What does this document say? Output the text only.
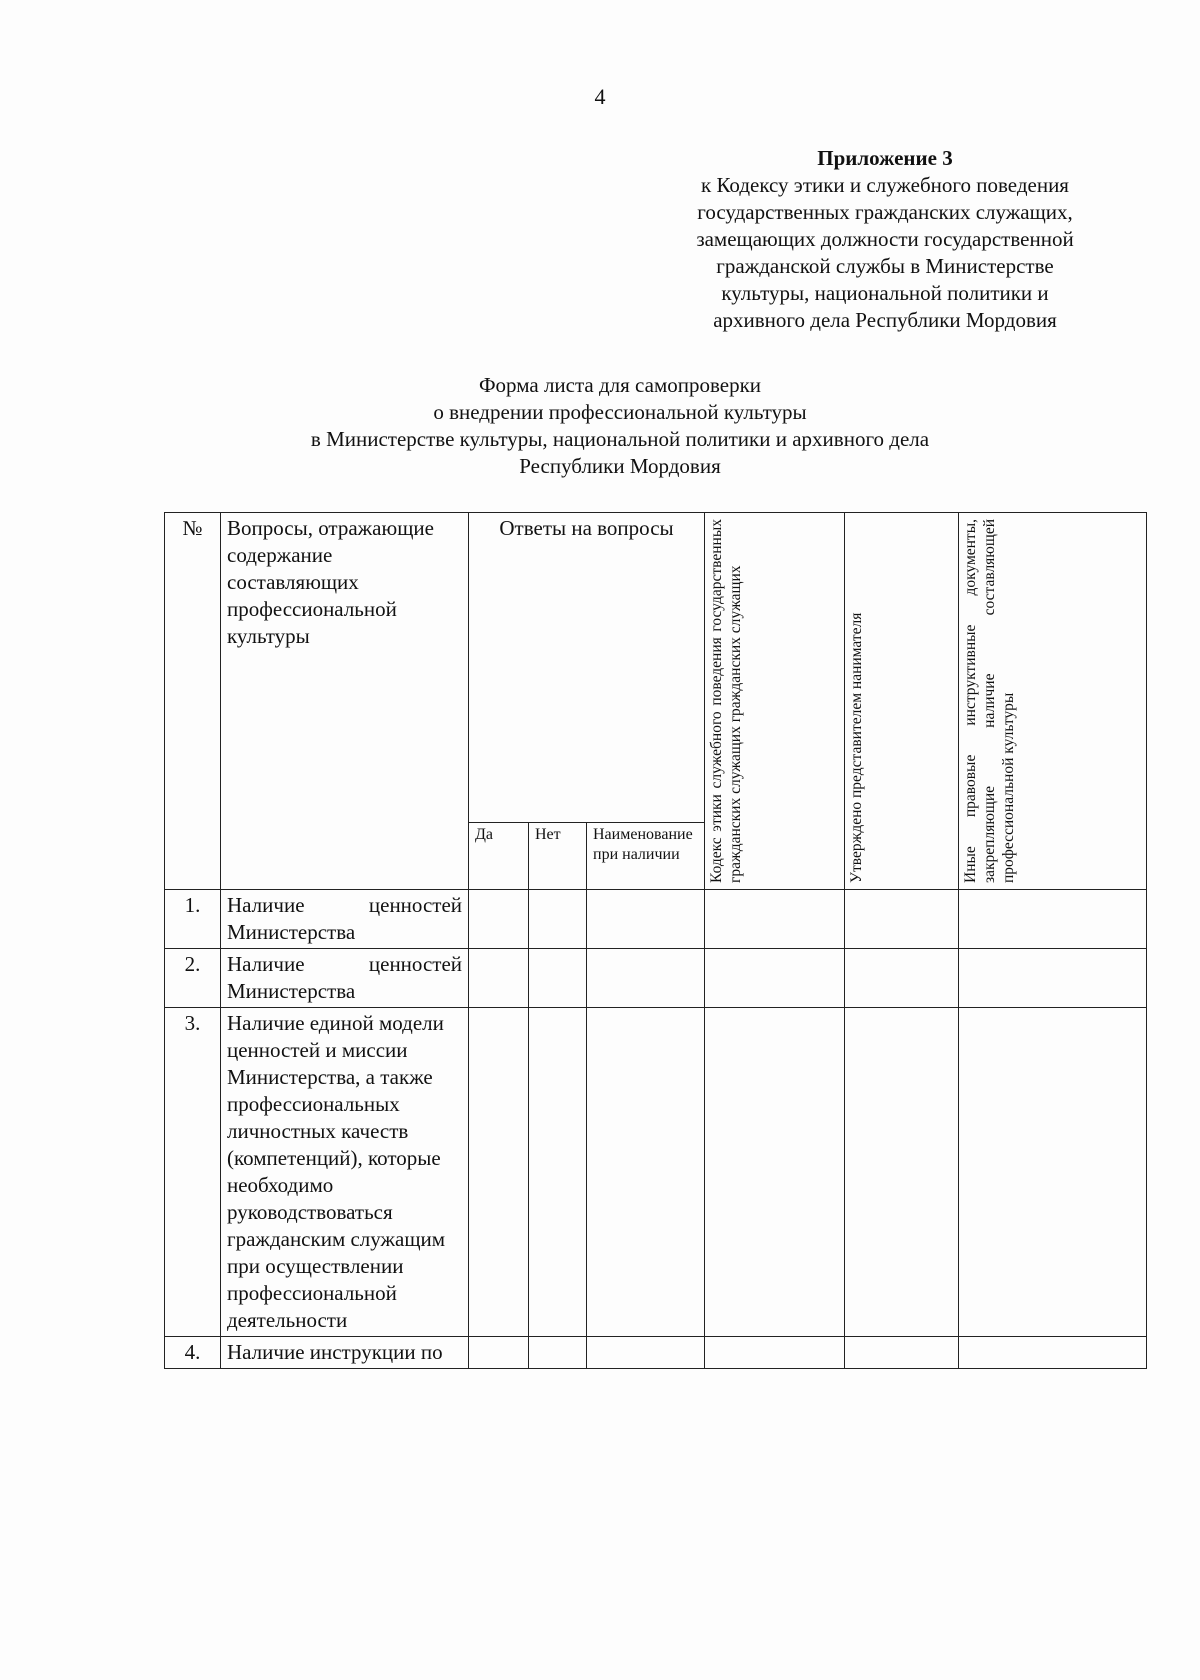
4
Приложение 3
к Кодексу этики и служебного поведения
государственных гражданских служащих,
замещающих должности государственной
гражданской службы в Министерстве
культуры, национальной политики и
архивного дела Республики Мордовия
Форма листа для самопроверки
о внедрении профессиональной культуры
в Министерстве культуры, национальной политики и архивного дела
Республики Мордовия
№	Вопросы, отражающие содержание составляющих профессиональной культуры	Ответы на вопросы			Кодекс этики служебного поведения государственных гражданских служащих гражданских служащих	Утверждено представителем нанимателя	Иные правовые инструктивные документы, закрепляющие наличие составляющей профессиональной культуры

		Да	Нет	Наименование при наличии			
1.	Наличие ценностей Министерства						
2.	Наличие ценностей Министерства						
3.	Наличие единой модели ценностей и миссии Министерства, а также профессиональных личностных качеств (компетенций), которые необходимо руководствоваться гражданским служащим при осуществлении профессиональной деятельности						
4.	Наличие инструкции по						
